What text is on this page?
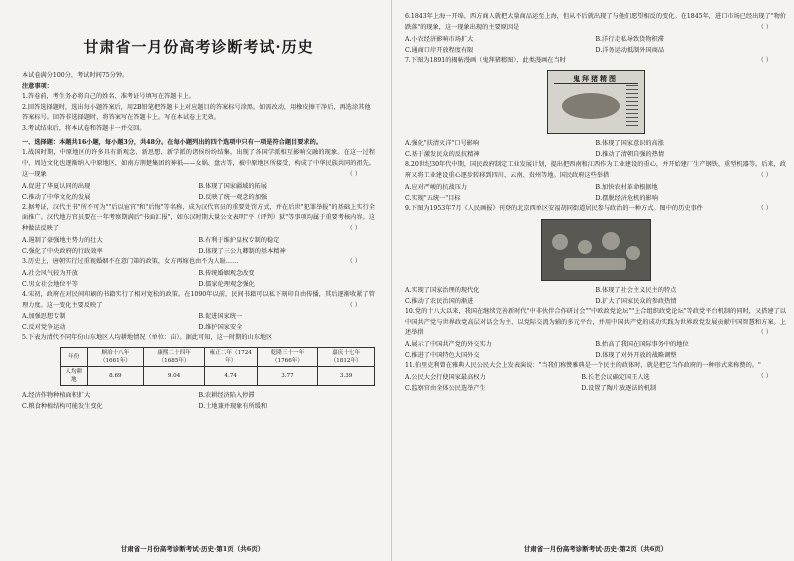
甘肃省一月份高考诊断考试·历史
本试卷满分100分，考试时间75分钟。
注意事项：
1.答卷前，考生务必将自己的姓名、准考证号填写在答题卡上。
2.回答选择题时，选出每小题答案后，用2B铅笔把答题卡上对应题目的答案标号涂黑。如需改动，用橡皮擦干净后，再选涂其他答案标号。回答非选择题时，将答案写在答题卡上。写在本试卷上无效。
3.考试结束后，将本试卷和答题卡一并交回。
一、选择题：本题共16小题，每小题3分，共48分。在每小题列出的四个选项中只有一项是符合题目要求的。
1.战国时期，中原地区的许多具有新观念、新思想、新学派的诸侯纷纷结集，出现了各国学派相互影响交融的现象。在这一过程中，周边文化也逐渐纳入中原地区，如南方荆楚集团的神祇——女娲、盘古等，被中原地区所接受，构成了中华民族共同的祖先。这一现象	（ ）
A.促进了华夏认同的出现	B.体现了国家疆域的拓展
C.推动了中华文化的发展	D.反映了统一观念的加强
2.据考证，汉代主书"所不可为""后以宦官"和"后悔"等名称，成为汉代官员的重要处罚方式，并在后世"犯罪举报"的基础上实行全面推广。汉代地方官员要在一年考察期满后"书面汇报"，如东汉时期大量公文表明"平（评判）狱"等事项均属于重要考核内容。这种做法反映了	（ ）
A.遏制了豪强地主势力的壮大	B.有利于维护皇权专制的稳定
C.强化了中央政府的行政效率	D.体现了三公九卿制的基本精神
3.历史上，唐朝实行过重视婚姻不在意门第的政策，女方再嫁也由不为人耻……	（ ）
A.社会风气较为开放	B.传统婚姻观念改变
C.男女社会地位平等	D.儒家伦理观念强化
4.宋初，政府在对民间印刷的书籍实行了相对宽松的政策。在1090年以前，民间书籍可以私下刻印自由传播，其后逐渐收紧了管理力度。这一变化主要反映了	（ ）
A.加强思想专制	B.促进国家统一
C.反对党争运动	D.维护国家安全
5.下表为清代不同年份山东地区人均耕地情况（单位：亩）。据此可知，这一时期的山东地区
年份	顺治十八年（1661年）	康熙二十四年（1685年）	雍正二年（1724年）	乾隆三十一年（1766年）	嘉庆十七年（1812年）
人均耕地	8.69	9.04	4.74	3.77	3.39
A.经济作物种植面积扩大	B.农耕经济陷入停滞
C.粮食种植结构可能发生变化	D.土地兼并现象有所缓和
甘肃省一月份高考诊断考试·历史·第1页（共6页）
6.1843年上海一开埠，西方商人就把大量商品运至上海，但从不后就出现了与他们愿望相反的变化。在1845年，进口市场已经出现了"物价跌落"的现象，这一现象出现的主要原因是	（ ）
A.小农经济影响市场扩大	B.洋行走私导致货物积滞
C.通商口岸开放程度有限	D.洋务运动抵制外国商品
7.下图为1891的揭帖漫画（鬼拜猪精图），此类漫画在当时	（ ）
鬼拜猪精图
A.强化"扶清灭洋"口号影响	B.体现了国家意识的高涨
C.基于激发民众的反抗精神	D.推动了清朝自强的热情
8.20世纪30年代中期，国民政府制定工业发展计划，提出把西南和江西作为工业建设的重心，并开始建厂生产钢铁、重型机器等。后来，政府又将工业建设重心逐步转移到四川、云南、贵州等地。国民政府这些举措	（ ）
A.应对严峻的抗战压力	B.加快农村革命根据地
C.实现"五统一"目标	D.摆脱经济危机的影响
9.下图为1953年7月《人民画报》刊登的北京西单区安福胡同街道居民参与政治的一种方式。图中的历史事件	（ ）
A.实现了国家治理的现代化	B.体现了社会主义民主的特点
C.推动了农民治国的渐进	D.扩大了国家民众的参政热情
10.党的十八大以来，我国在继续完善新时代"中非伙伴合作研讨会""中欧政党论坛""上合组织政党论坛"等政党平台机制的同时，又搭建了以中国共产党与世界政党高层对话会为主、以党际交流为辅的多元平台，并用中国共产党的成功实践为世界政党发展贡献中国智慧和方案。上述举措	（ ）
A.展示了中国共产党的外交实力	B.抬高了我国在国际事务中的地位
C.推进了中国特色大国外交	D.体现了对外开放的战略调整
11.伯里克利曾在雅典人民公民大会上发表演说："当我们称赞雅典是一个民主的政体时，就是把它当作政府的一种形式来称赞的。"
（ ）
A.公民大会行使国家最高权力	B.长老会议确定国王人选
C.监察官由全体公民选举产生	D.设置了陶片放逐法的机制
甘肃省一月份高考诊断考试·历史·第2页（共6页）
